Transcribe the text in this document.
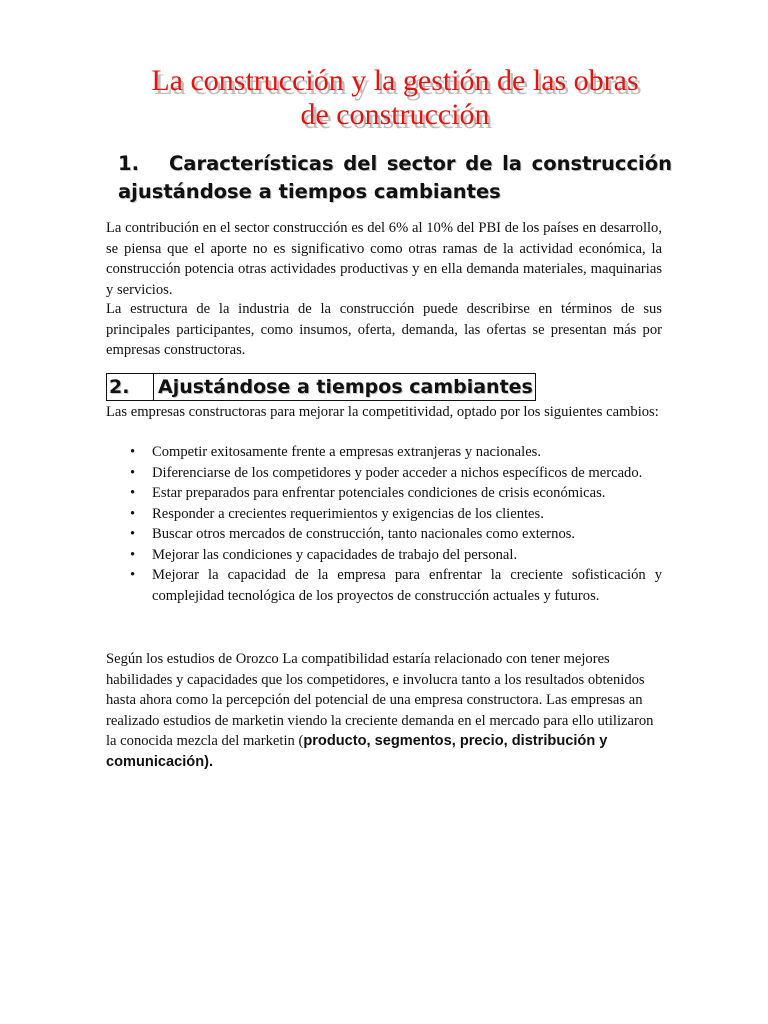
La construcción y la gestión de las obras
de construcción
1. Características del sector de la construcción ajustándose a tiempos cambiantes
La contribución en el sector construcción es del 6% al 10% del PBI de los países en desarrollo, se piensa que el aporte no es significativo como otras ramas de la actividad económica, la construcción potencia otras actividades productivas y en ella demanda materiales, maquinarias y servicios.
La estructura de la industria de la construcción puede describirse en términos de sus principales participantes, como insumos, oferta, demanda, las ofertas se presentan más por empresas constructoras.
2.	Ajustándose a tiempos cambiantes
Las empresas constructoras para mejorar la competitividad, optado por los siguientes cambios:
• Competir exitosamente frente a empresas extranjeras y nacionales.
• Diferenciarse de los competidores y poder acceder a nichos específicos de mercado.
• Estar preparados para enfrentar potenciales condiciones de crisis económicas.
• Responder a crecientes requerimientos y exigencias de los clientes.
• Buscar otros mercados de construcción, tanto nacionales como externos.
• Mejorar las condiciones y capacidades de trabajo del personal.
• Mejorar la capacidad de la empresa para enfrentar la creciente sofisticación y complejidad tecnológica de los proyectos de construcción actuales y futuros.
Según los estudios de Orozco La compatibilidad estaría relacionado con tener mejores habilidades y capacidades que los competidores, e involucra tanto a los resultados obtenidos hasta ahora como la percepción del potencial de una empresa constructora. Las empresas an realizado estudios de marketin viendo la creciente demanda en el mercado para ello utilizaron la conocida mezcla del marketin (producto, segmentos, precio, distribución y comunicación).
